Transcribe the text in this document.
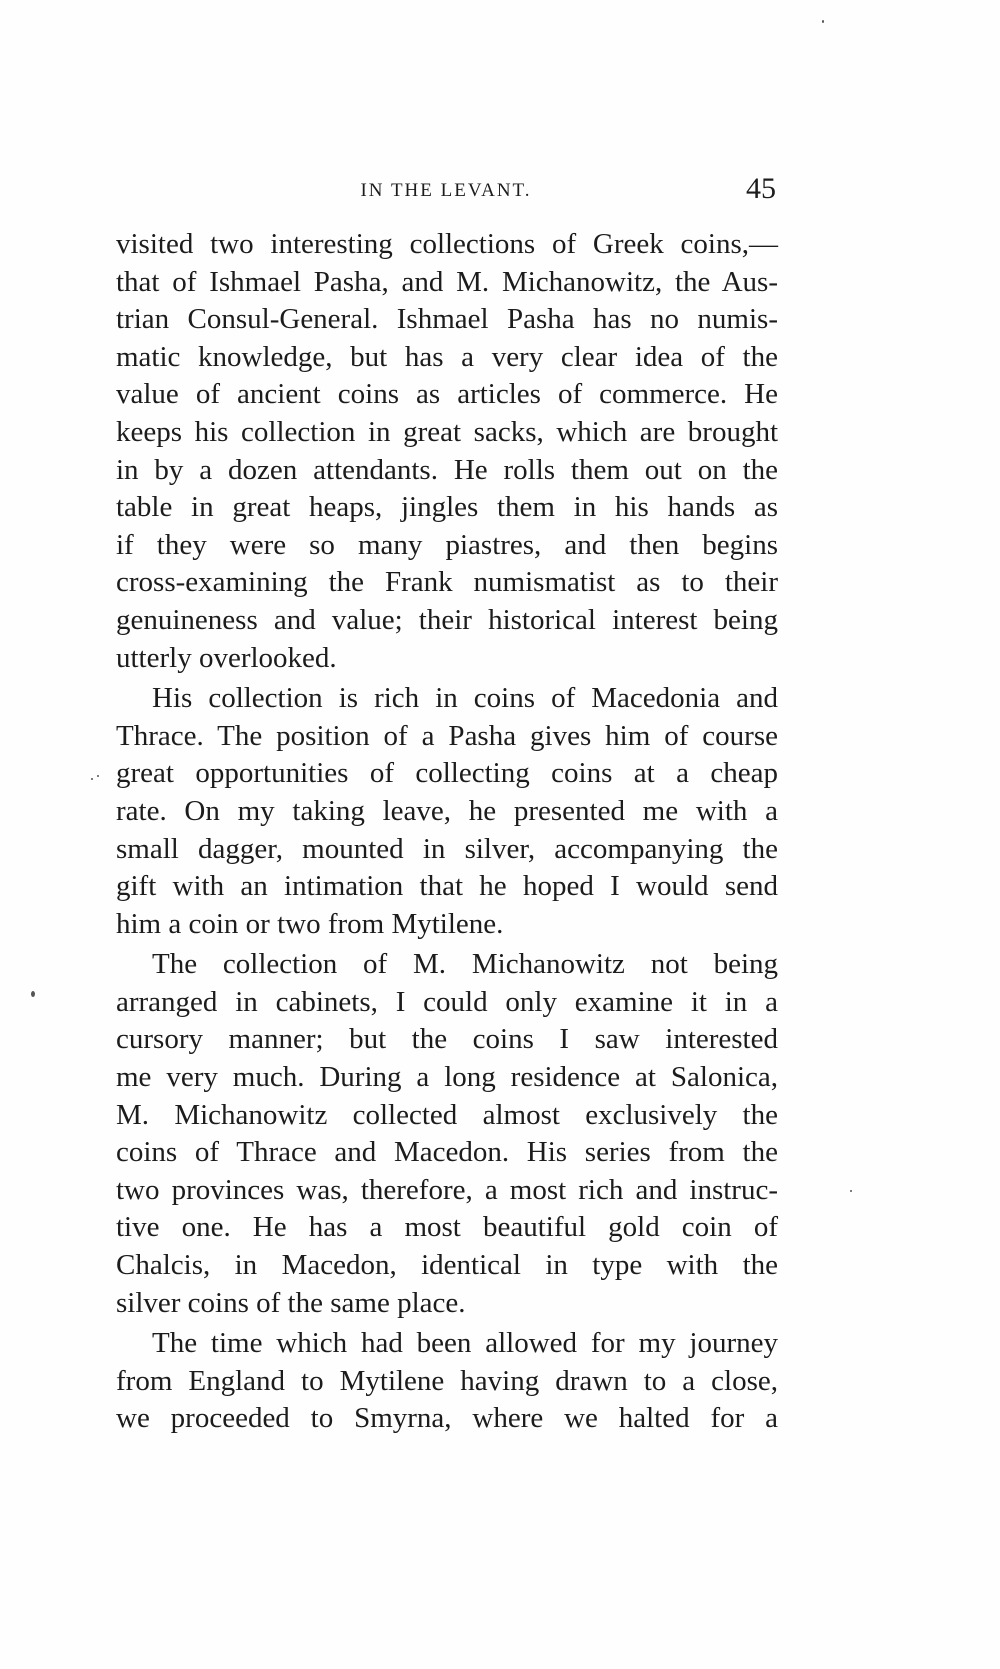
IN THE LEVANT.	45
visited two interesting collections of Greek coins,—
that of Ishmael Pasha, and M. Michanowitz, the Aus-
trian Consul-General. Ishmael Pasha has no numis-
matic knowledge, but has a very clear idea of the
value of ancient coins as articles of commerce. He
keeps his collection in great sacks, which are brought
in by a dozen attendants. He rolls them out on the
table in great heaps, jingles them in his hands as
if they were so many piastres, and then begins
cross-examining the Frank numismatist as to their
genuineness and value; their historical interest being
utterly overlooked.
His collection is rich in coins of Macedonia and
Thrace. The position of a Pasha gives him of course
great opportunities of collecting coins at a cheap
rate. On my taking leave, he presented me with a
small dagger, mounted in silver, accompanying the
gift with an intimation that he hoped I would send
him a coin or two from Mytilene.
The collection of M. Michanowitz not being
arranged in cabinets, I could only examine it in a
cursory manner; but the coins I saw interested
me very much. During a long residence at Salonica,
M. Michanowitz collected almost exclusively the
coins of Thrace and Macedon. His series from the
two provinces was, therefore, a most rich and instruc-
tive one. He has a most beautiful gold coin of
Chalcis, in Macedon, identical in type with the
silver coins of the same place.
The time which had been allowed for my journey
from England to Mytilene having drawn to a close,
we proceeded to Smyrna, where we halted for a
